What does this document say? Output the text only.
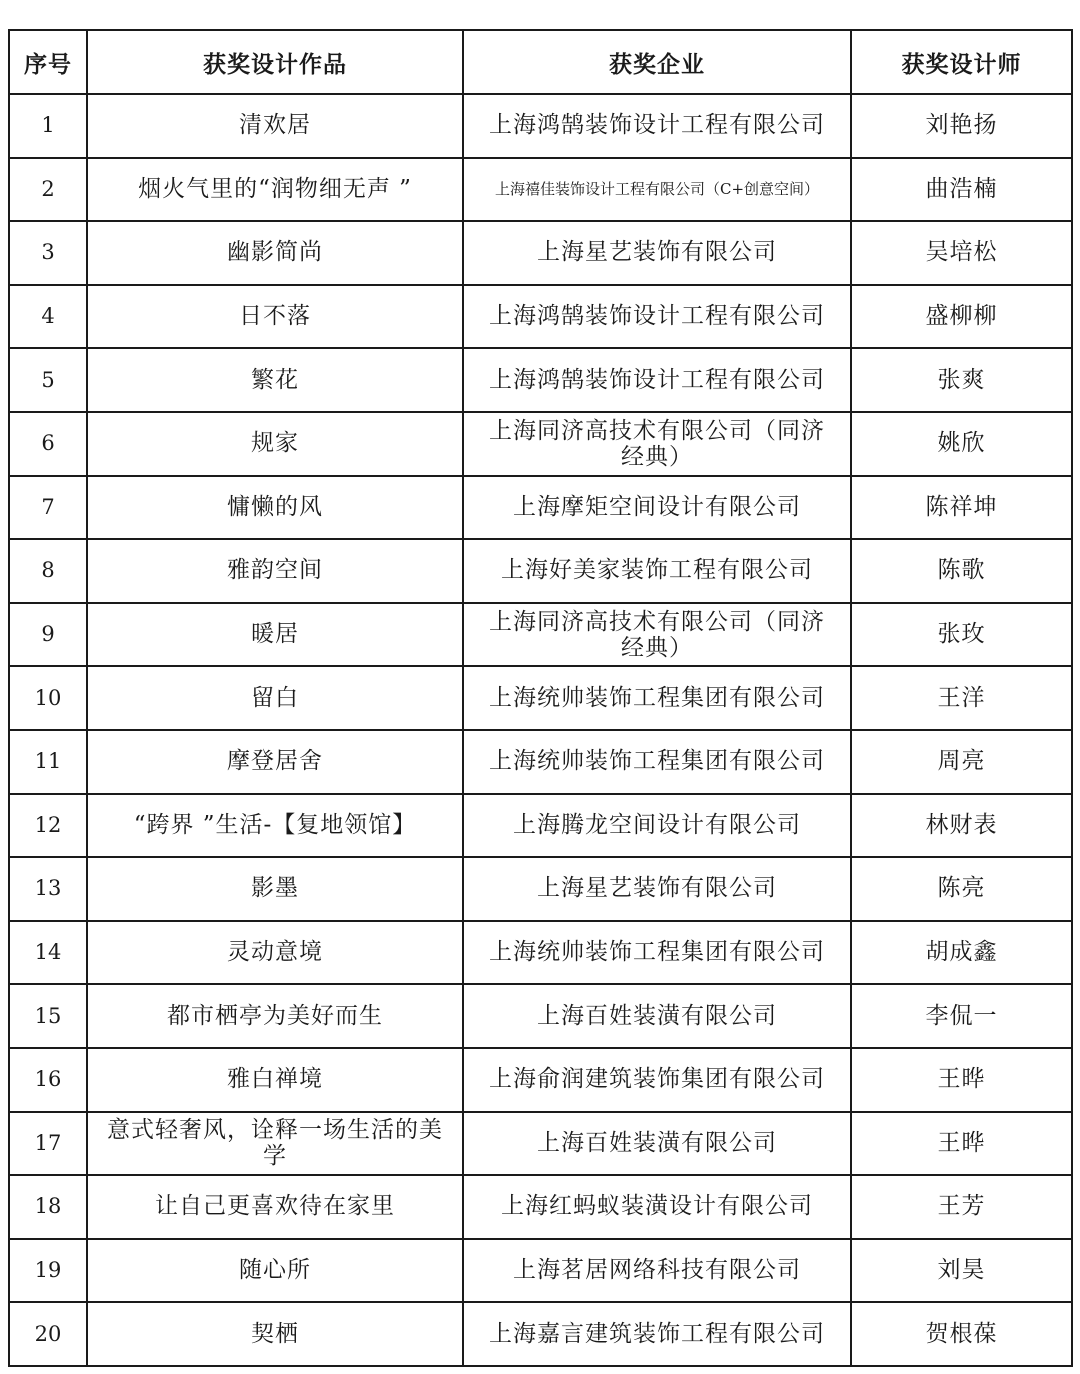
序号	获奖设计作品	获奖企业	获奖设计师
1	清欢居	上海鸿鹄装饰设计工程有限公司	刘艳扬
2	烟火气里的“润物细无声 ”	上海禧佳装饰设计工程有限公司（C+创意空间）	曲浩楠
3	幽影简尚	上海星艺装饰有限公司	吴培松
4	日不落	上海鸿鹄装饰设计工程有限公司	盛柳柳
5	繁花	上海鸿鹄装饰设计工程有限公司	张爽
6	规家	上海同济高技术有限公司（同济经典）	姚欣
7	慵懒的风	上海摩矩空间设计有限公司	陈祥坤
8	雅韵空间	上海好美家装饰工程有限公司	陈歌
9	暖居	上海同济高技术有限公司（同济经典）	张玫
10	留白	上海统帅装饰工程集团有限公司	王洋
11	摩登居舍	上海统帅装饰工程集团有限公司	周亮
12	“跨界 ”生活-【复地领馆】	上海腾龙空间设计有限公司	林财表
13	影墨	上海星艺装饰有限公司	陈亮
14	灵动意境	上海统帅装饰工程集团有限公司	胡成鑫
15	都市栖亭为美好而生	上海百姓装潢有限公司	李侃一
16	雅白禅境	上海俞润建筑装饰集团有限公司	王晔
17	意式轻奢风，诠释一场生活的美学	上海百姓装潢有限公司	王晔
18	让自己更喜欢待在家里	上海红蚂蚁装潢设计有限公司	王芳
19	随心所	上海茗居网络科技有限公司	刘昊
20	契栖	上海嘉言建筑装饰工程有限公司	贺根葆
